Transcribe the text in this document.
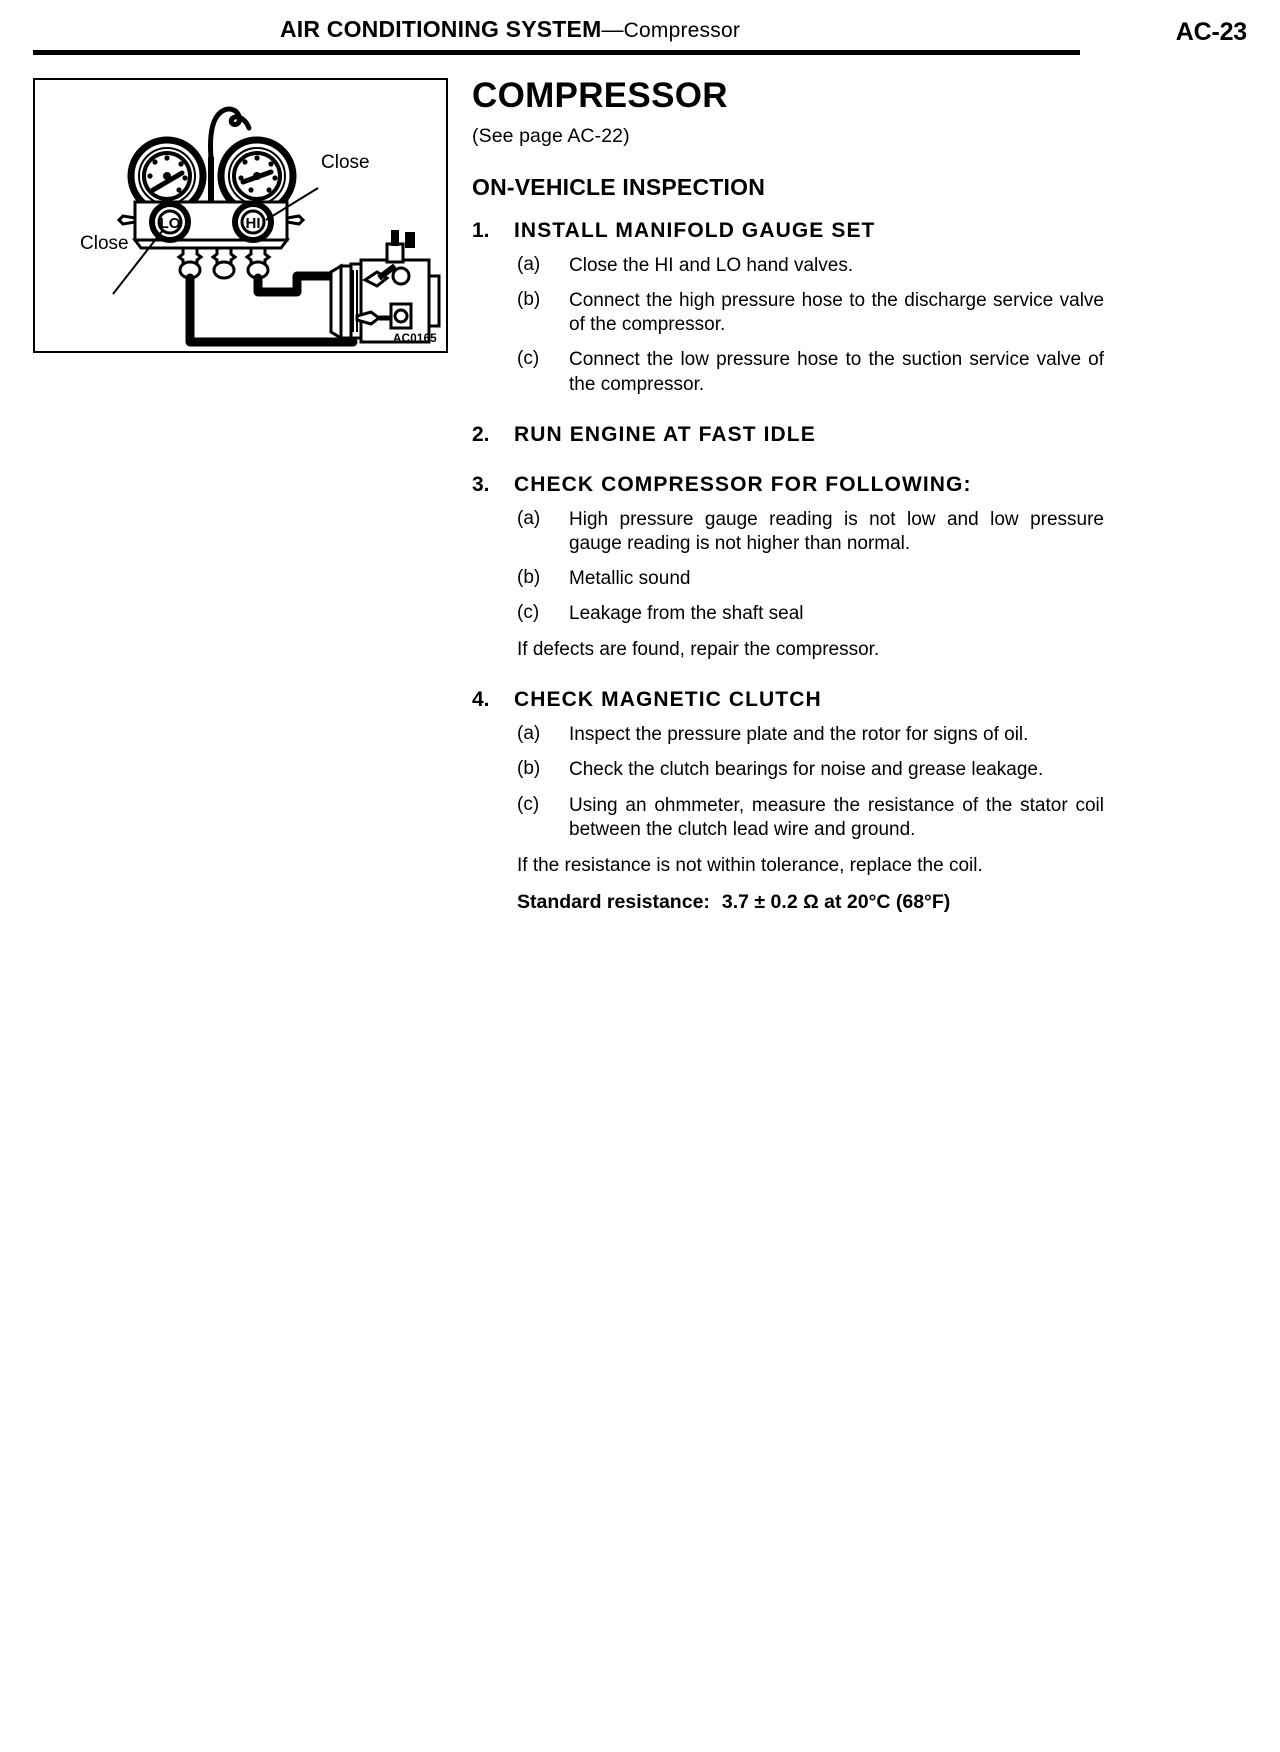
AIR CONDITIONING SYSTEM—Compressor	AC-23
LO	HI
Close
Close
AC0165
COMPRESSOR
(See page AC-22)
ON-VEHICLE INSPECTION
1.	INSTALL MANIFOLD GAUGE SET
(a)	Close the HI and LO hand valves.
(b)	Connect the high pressure hose to the discharge service valve of the compressor.
(c)	Connect the low pressure hose to the suction service valve of the compressor.
2.	RUN ENGINE AT FAST IDLE
3.	CHECK COMPRESSOR FOR FOLLOWING:
(a)	High pressure gauge reading is not low and low pressure gauge reading is not higher than normal.
(b)	Metallic sound
(c)	Leakage from the shaft seal
If defects are found, repair the compressor.
4.	CHECK MAGNETIC CLUTCH
(a)	Inspect the pressure plate and the rotor for signs of oil.
(b)	Check the clutch bearings for noise and grease leakage.
(c)	Using an ohmmeter, measure the resistance of the stator coil between the clutch lead wire and ground.
If the resistance is not within tolerance, replace the coil.
Standard resistance: 3.7 ± 0.2 Ω at 20°C (68°F)
